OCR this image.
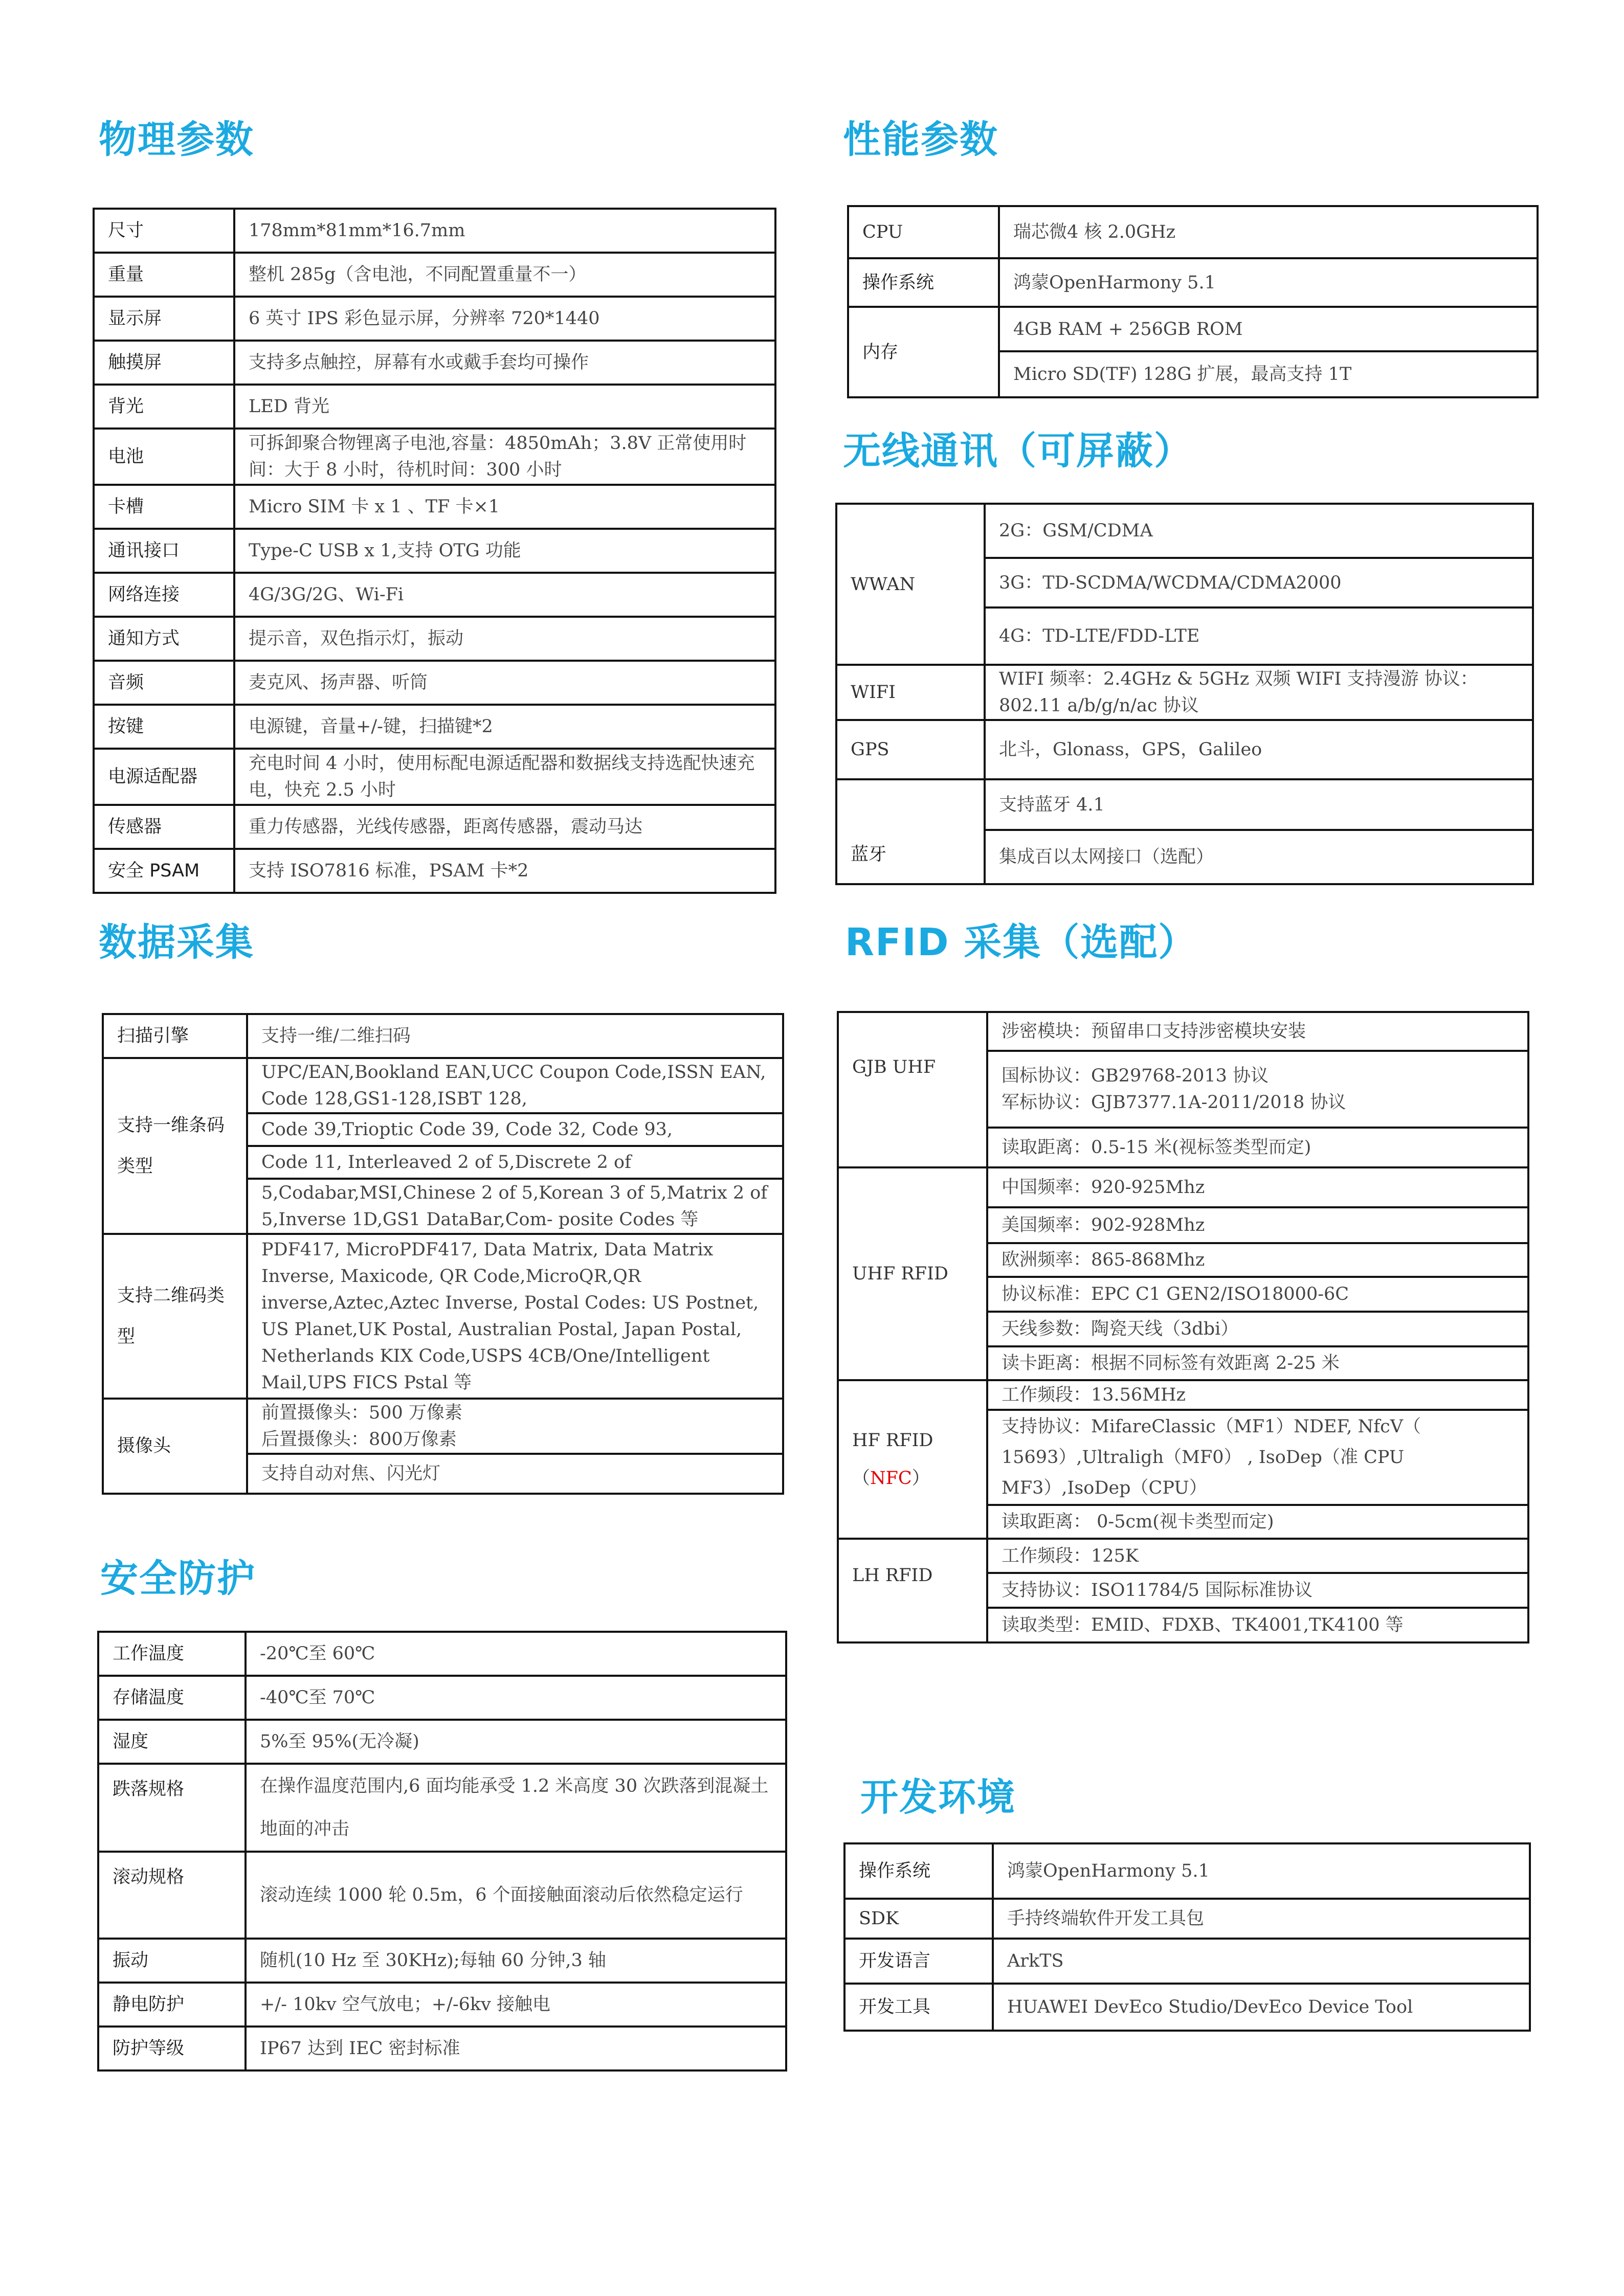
物理参数
尺寸	178mm*81mm*16.7mm
重量	整机 285g（含电池，不同配置重量不一）
显示屏	6 英寸 IPS 彩色显示屏，分辨率 720*1440
触摸屏	支持多点触控，屏幕有水或戴手套均可操作
背光	LED 背光
电池	可拆卸聚合物锂离子电池,容量：4850mAh；3.8V 正常使用时间：大于 8 小时，待机时间：300 小时
卡槽	Micro SIM 卡 x 1 、TF 卡×1
通讯接口	Type-C USB x 1,支持 OTG 功能
网络连接	4G/3G/2G、Wi-Fi
通知方式	提示音，双色指示灯，振动
音频	麦克风、扬声器、听筒
按键	电源键，音量+/-键，扫描键*2
电源适配器	充电时间 4 小时，使用标配电源适配器和数据线支持选配快速充电，快充 2.5 小时
传感器	重力传感器，光线传感器，距离传感器，震动马达
安全 PSAM	支持 ISO7816 标准，PSAM 卡*2
性能参数
CPU	瑞芯微4 核 2.0GHz
操作系统	鸿蒙OpenHarmony 5.1
内存	4GB RAM + 256GB ROM
	Micro SD(TF) 128G 扩展，最高支持 1T
无线通讯（可屏蔽）
WWAN	2G：GSM/CDMA
	3G：TD-SCDMA/WCDMA/CDMA2000
	4G：TD-LTE/FDD-LTE
WIFI	WIFI 频率：2.4GHz & 5GHz 双频 WIFI 支持漫游 协议：802.11 a/b/g/n/ac 协议
GPS	北斗，Glonass，GPS，Galileo
蓝牙	支持蓝牙 4.1
	集成百以太网接口（选配）
数据采集
扫描引擎	支持一维/二维扫码
支持一维条码类型	UPC/EAN,Bookland EAN,UCC Coupon Code,ISSN EAN, Code 128,GS1-128,ISBT 128,
	Code 39,Trioptic Code 39, Code 32, Code 93,
	Code 11, Interleaved 2 of 5,Discrete 2 of
	5,Codabar,MSI,Chinese 2 of 5,Korean 3 of 5,Matrix 2 of 5,Inverse 1D,GS1 DataBar,Com- posite Codes 等
支持二维码类型	PDF417, MicroPDF417, Data Matrix, Data Matrix Inverse, Maxicode, QR Code,MicroQR,QR inverse,Aztec,Aztec Inverse, Postal Codes: US Postnet, US Planet,UK Postal, Australian Postal, Japan Postal, Netherlands KIX Code,USPS 4CB/One/Intelligent Mail,UPS FICS Pstal 等
摄像头	前置摄像头：500 万像素
后置摄像头：800万像素
	支持自动对焦、闪光灯
RFID 采集（选配）
GJB UHF	涉密模块：预留串口支持涉密模块安装
	国标协议：GB29768-2013 协议
军标协议：GJB7377.1A-2011/2018 协议
	读取距离：0.5-15 米(视标签类型而定)
UHF RFID	中国频率：920-925Mhz
	美国频率：902-928Mhz
	欧洲频率：865-868Mhz
	协议标准：EPC C1 GEN2/ISO18000-6C
	天线参数：陶瓷天线（3dbi）
	读卡距离：根据不同标签有效距离 2-25 米
HF RFID
（NFC）	工作频段：13.56MHz
	支持协议：MifareClassic（MF1）NDEF, NfcV（ 15693）,Ultraligh（MF0） , IsoDep（准 CPU MF3）,IsoDep（CPU）
	读取距离： 0-5cm(视卡类型而定)
LH RFID	工作频段：125K
	支持协议：ISO11784/5 国际标准协议
	读取类型：EMID、FDXB、TK4001,TK4100 等
安全防护
工作温度	-20℃至 60℃
存储温度	-40℃至 70℃
湿度	5%至 95%(无冷凝)
跌落规格	在操作温度范围内,6 面均能承受 1.2 米高度 30 次跌落到混凝土地面的冲击
滚动规格	滚动连续 1000 轮 0.5m，6 个面接触面滚动后依然稳定运行
振动	随机(10 Hz 至 30KHz);每轴 60 分钟,3 轴
静电防护	+/- 10kv 空气放电；+/-6kv 接触电
防护等级	IP67 达到 IEC 密封标准
开发环境
操作系统	鸿蒙OpenHarmony 5.1
SDK	手持终端软件开发工具包
开发语言	ArkTS
开发工具	HUAWEI DevEco Studio/DevEco Device Tool
